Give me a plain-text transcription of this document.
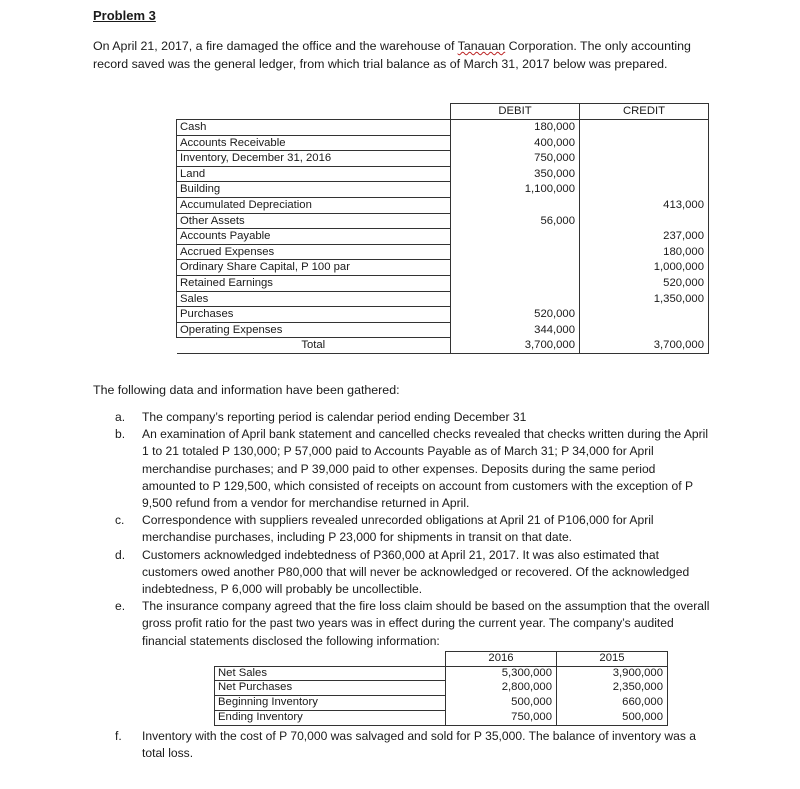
Problem 3
On April 21, 2017, a fire damaged the office and the warehouse of Tanauan Corporation. The only accounting record saved was the general ledger, from which trial balance as of March 31, 2017 below was prepared.
	DEBIT	CREDIT
Cash	180,000	
Accounts Receivable	400,000	
Inventory, December 31, 2016	750,000	
Land	350,000	
Building	1,100,000	
Accumulated Depreciation		413,000
Other Assets	56,000	
Accounts Payable		237,000
Accrued Expenses		180,000
Ordinary Share Capital, P 100 par		1,000,000
Retained Earnings		520,000
Sales		1,350,000
Purchases	520,000	
Operating Expenses	344,000	
Total	3,700,000	3,700,000
The following data and information have been gathered:
a. The company’s reporting period is calendar period ending December 31
b. An examination of April bank statement and cancelled checks revealed that checks written during the April 1 to 21 totaled P 130,000; P 57,000 paid to Accounts Payable as of March 31; P 34,000 for April merchandise purchases; and P 39,000 paid to other expenses. Deposits during the same period amounted to P 129,500, which consisted of receipts on account from customers with the exception of P 9,500 refund from a vendor for merchandise returned in April.
c. Correspondence with suppliers revealed unrecorded obligations at April 21 of P106,000 for April merchandise purchases, including P 23,000 for shipments in transit on that date.
d. Customers acknowledged indebtedness of P360,000 at April 21, 2017. It was also estimated that customers owed another P80,000 that will never be acknowledged or recovered. Of the acknowledged indebtedness, P 6,000 will probably be uncollectible.
e. The insurance company agreed that the fire loss claim should be based on the assumption that the overall gross profit ratio for the past two years was in effect during the current year. The company’s audited financial statements disclosed the following information:
	2016	2015
Net Sales	5,300,000	3,900,000
Net Purchases	2,800,000	2,350,000
Beginning Inventory	500,000	660,000
Ending Inventory	750,000	500,000
f. Inventory with the cost of P 70,000 was salvaged and sold for P 35,000. The balance of inventory was a total loss.
